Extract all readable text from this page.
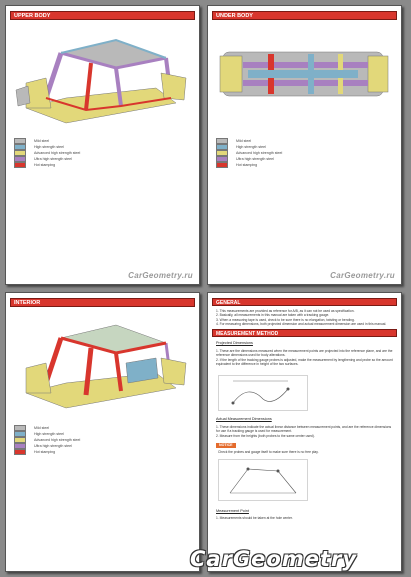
UPPER BODY
Mild steel
High strength steel
Advanced high strength steel
Ultra high strength steel
Hot stamping
CarGeometry.ru
UNDER BODY
Mild steel
High strength steel
Advanced high strength steel
Ultra high strength steel
Hot stamping
CarGeometry.ru
INTERIOR
Mild steel
High strength steel
Advanced high strength steel
Ultra high strength steel
Hot stamping
GENERAL
1. This measurements are provided as reference for A/B, as it can not be used as specification.
2. Basically, all measurements in this manual are taken with a tracking gauge.
3. When a measuring tape is used, check to be sure there is no elongation, twisting or bending.
4. For measuring dimensions, both projected dimension and actual measurement dimension are used in this manual.
MEASUREMENT METHOD
Projected Dimensions
1. These are the dimensions measured when the measurement points are projected into the reference plane, and are the reference dimensions used for body alterations.
2. If the length of the tracking gauge probes is adjusted, make the measurement by lengthening and probe so the amount equivalent to the difference in height of the two surfaces.
Actual Measurement Dimensions
1. These dimensions indicate the actual linear distance between measurement points, and are the reference dimensions for use if a tracking gauge is used for measurement.
2. Measure from the heights (both probes to the same center used).
NOTICE
Check the probes and gauge itself to make sure there is no free play.
Measurement Point
1. Measurements should be taken at the hole center.
CarGeometry
